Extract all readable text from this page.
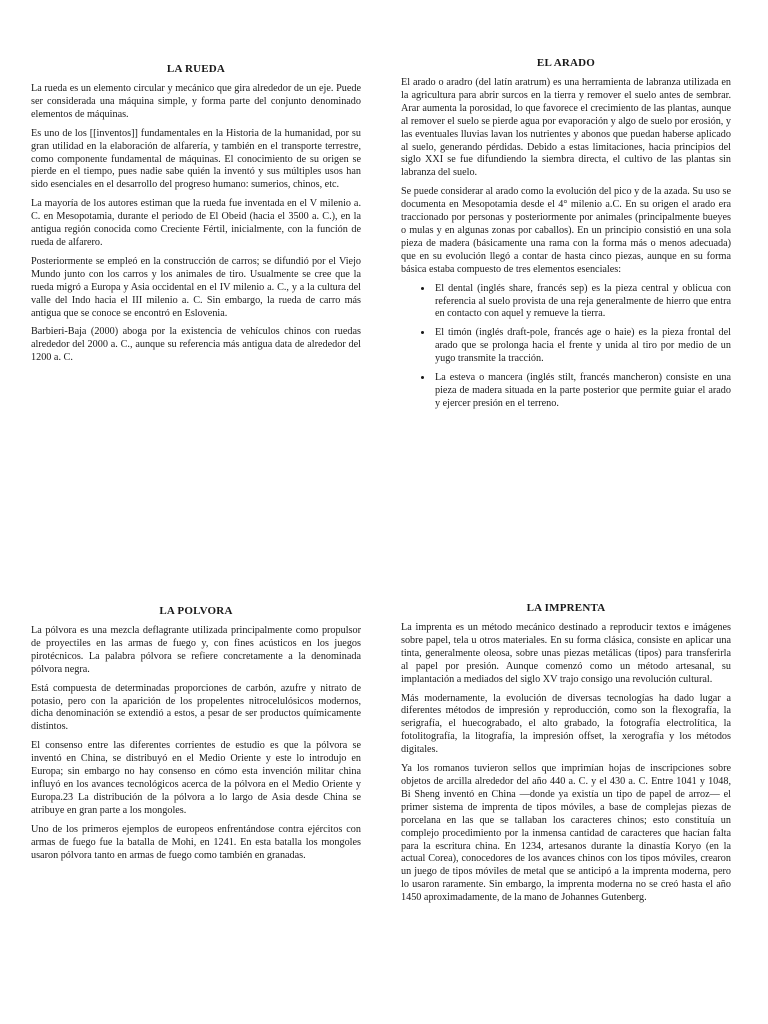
LA RUEDA

La rueda es un elemento circular y mecánico que gira alrededor de un eje. Puede ser considerada una máquina simple, y forma parte del conjunto denominado elementos de máquinas.

Es uno de los [[inventos]] fundamentales en la Historia de la humanidad, por su gran utilidad en la elaboración de alfarería, y también en el transporte terrestre, como componente fundamental de máquinas. El conocimiento de su origen se pierde en el tiempo, pues nadie sabe quién la inventó y sus múltiples usos han sido esenciales en el desarrollo del progreso humano: sumerios, chinos, etc.

La mayoría de los autores estiman que la rueda fue inventada en el V milenio a. C. en Mesopotamia, durante el periodo de El Obeid (hacia el 3500 a. C.), en la antigua región conocida como Creciente Fértil, inicialmente, con la función de rueda de alfarero.

Posteriormente se empleó en la construcción de carros; se difundió por el Viejo Mundo junto con los carros y los animales de tiro. Usualmente se cree que la rueda migró a Europa y Asia occidental en el IV milenio a. C., y a la cultura del valle del Indo hacia el III milenio a. C. Sin embargo, la rueda de carro más antigua que se conoce se encontró en Eslovenia.

Barbieri-Baja (2000) aboga por la existencia de vehículos chinos con ruedas alrededor del 2000 a. C., aunque su referencia más antigua data de alrededor del 1200 a. C.

EL ARADO

El arado o aradro (del latín aratrum) es una herramienta de labranza utilizada en la agricultura para abrir surcos en la tierra y remover el suelo antes de sembrar. Arar aumenta la porosidad, lo que favorece el crecimiento de las plantas, aunque al remover el suelo se pierde agua por evaporación y algo de suelo por erosión, y las eventuales lluvias lavan los nutrientes y abonos que puedan haberse aplicado al suelo, generando pérdidas. Debido a estas limitaciones, hacia principios del siglo XXI se fue difundiendo la siembra directa, el cultivo de las plantas sin labranza del suelo.

Se puede considerar al arado como la evolución del pico y de la azada. Su uso se documenta en Mesopotamia desde el 4° milenio a.C. En su origen el arado era traccionado por personas y posteriormente por animales (principalmente bueyes o mulas y en algunas zonas por caballos). En un principio consistió en una sola pieza de madera (básicamente una rama con la forma más o menos adecuada) que en su evolución llegó a contar de hasta cinco piezas, aunque en su forma básica estaba compuesto de tres elementos esenciales:

• El dental (inglés share, francés sep) es la pieza central y oblicua con referencia al suelo provista de una reja generalmente de hierro que entra en contacto con aquel y remueve la tierra.
• El timón (inglés draft-pole, francés age o haie) es la pieza frontal del arado que se prolonga hacia el frente y unida al tiro por medio de un yugo transmite la tracción.
• La esteva o mancera (inglés stilt, francés mancheron) consiste en una pieza de madera situada en la parte posterior que permite guiar el arado y ejercer presión en el terreno.
LA POLVORA

La pólvora es una mezcla deflagrante utilizada principalmente como propulsor de proyectiles en las armas de fuego y, con fines acústicos en los juegos pirotécnicos. La palabra pólvora se refiere concretamente a la denominada pólvora negra.

Está compuesta de determinadas proporciones de carbón, azufre y nitrato de potasio, pero con la aparición de los propelentes nitrocelulósicos modernos, dicha denominación se extendió a estos, a pesar de ser productos químicamente distintos.

El consenso entre las diferentes corrientes de estudio es que la pólvora se inventó en China, se distribuyó en el Medio Oriente y este lo introdujo en Europa; sin embargo no hay consenso en cómo esta invención militar china influyó en los avances tecnológicos acerca de la pólvora en el Medio Oriente y Europa.23 La distribución de la pólvora a lo largo de Asia desde China se atribuye en gran parte a los mongoles.

Uno de los primeros ejemplos de europeos enfrentándose contra ejércitos con armas de fuego fue la batalla de Mohi, en 1241. En esta batalla los mongoles usaron pólvora tanto en armas de fuego como también en granadas.

LA IMPRENTA

La imprenta es un método mecánico destinado a reproducir textos e imágenes sobre papel, tela u otros materiales. En su forma clásica, consiste en aplicar una tinta, generalmente oleosa, sobre unas piezas metálicas (tipos) para transferirla al papel por presión. Aunque comenzó como un método artesanal, su implantación a mediados del siglo XV trajo consigo una revolución cultural.

Más modernamente, la evolución de diversas tecnologías ha dado lugar a diferentes métodos de impresión y reproducción, como son la flexografía, la serigrafía, el huecograbado, el alto grabado, la fotografía electrolítica, la fotolitografía, la litografía, la impresión offset, la xerografía y los métodos digitales.

Ya los romanos tuvieron sellos que imprimían hojas de inscripciones sobre objetos de arcilla alrededor del año 440 a. C. y el 430 a. C. Entre 1041 y 1048, Bi Sheng inventó en China —donde ya existía un tipo de papel de arroz— el primer sistema de imprenta de tipos móviles, a base de complejas piezas de porcelana en las que se tallaban los caracteres chinos; esto constituía un complejo procedimiento por la inmensa cantidad de caracteres que hacían falta para la escritura china. En 1234, artesanos durante la dinastía Koryo (en la actual Corea), conocedores de los avances chinos con los tipos móviles, crearon un juego de tipos móviles de metal que se anticipó a la imprenta moderna, pero lo usaron raramente. Sin embargo, la imprenta moderna no se creó hasta el año 1450 aproximadamente, de la mano de Johannes Gutenberg.
